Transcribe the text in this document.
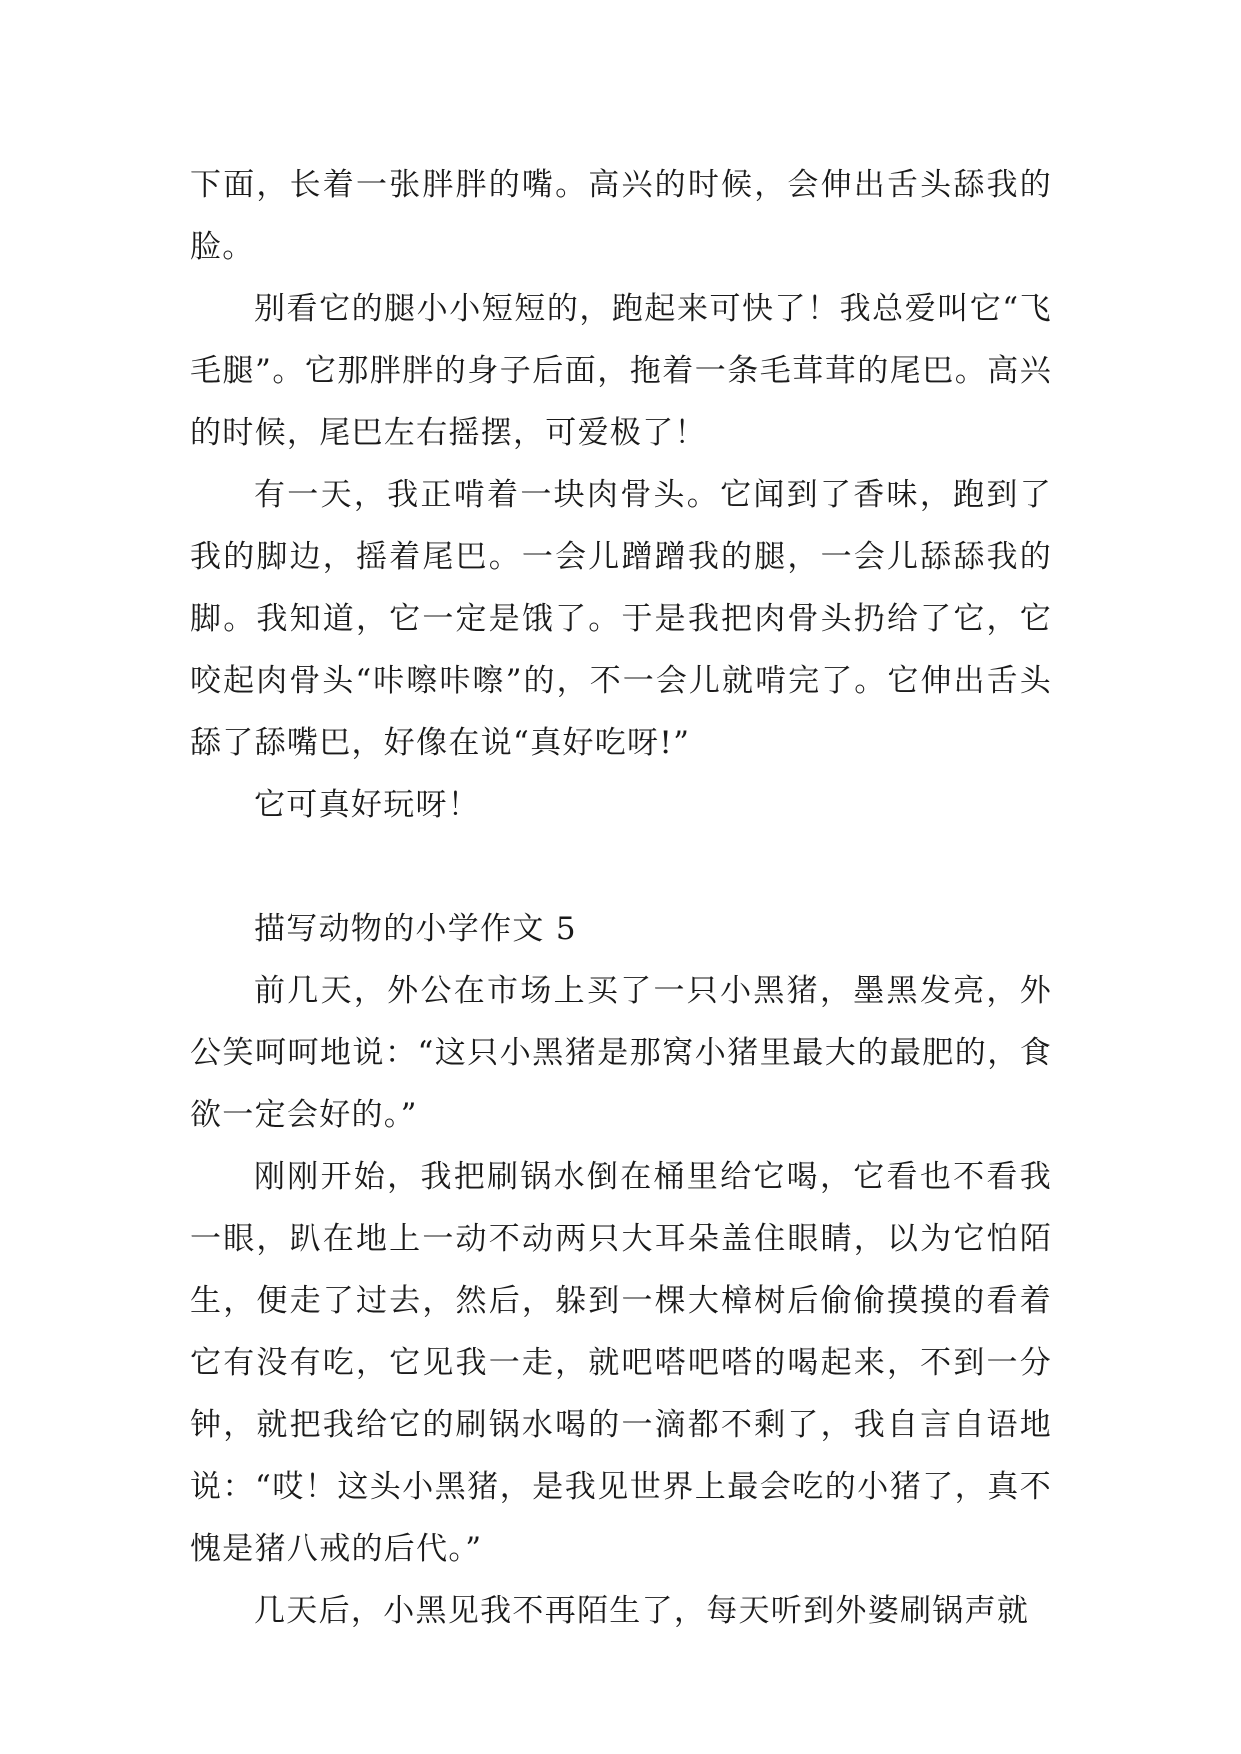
下面，长着一张胖胖的嘴。高兴的时候，会伸出舌头舔我的脸。

别看它的腿小小短短的，跑起来可快了！我总爱叫它“飞毛腿”。它那胖胖的身子后面，拖着一条毛茸茸的尾巴。高兴的时候，尾巴左右摇摆，可爱极了！

有一天，我正啃着一块肉骨头。它闻到了香味，跑到了我的脚边，摇着尾巴。一会儿蹭蹭我的腿，一会儿舔舔我的脚。我知道，它一定是饿了。于是我把肉骨头扔给了它，它咬起肉骨头“咔嚓咔嚓”的，不一会儿就啃完了。它伸出舌头舔了舔嘴巴，好像在说“真好吃呀!”

它可真好玩呀！

描写动物的小学作文 5

前几天，外公在市场上买了一只小黑猪，墨黑发亮，外公笑呵呵地说：“这只小黑猪是那窝小猪里最大的最肥的，食欲一定会好的。”

刚刚开始，我把刷锅水倒在桶里给它喝，它看也不看我一眼，趴在地上一动不动两只大耳朵盖住眼睛，以为它怕陌生，便走了过去，然后，躲到一棵大樟树后偷偷摸摸的看着它有没有吃，它见我一走，就吧嗒吧嗒的喝起来，不到一分钟，就把我给它的刷锅水喝的一滴都不剩了，我自言自语地说：“哎！这头小黑猪，是我见世界上最会吃的小猪了，真不愧是猪八戒的后代。”

几天后，小黑见我不再陌生了，每天听到外婆刷锅声就
